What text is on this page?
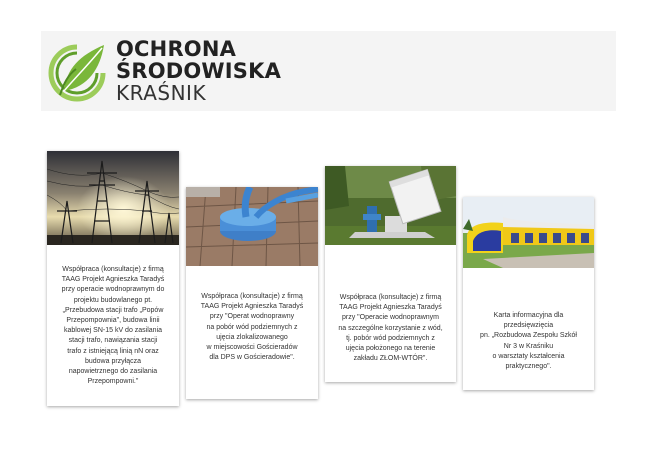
OCHRONA
ŚRODOWISKA
KRAŚNIK
Współpraca (konsultacje) z firmą
TAAG Projekt Agnieszka Taradyś
przy operacie wodnoprawnym do
projektu budowlanego pt.
„Przebudowa stacji trafo „Popów
Przepompownia", budowa linii
kablowej SN-15 kV do zasilania
stacji trafo, nawiązania stacji
trafo z istniejącą linią nN oraz
budowa przyłącza
napowietrznego do zasilania
Przepompowni."
Współpraca (konsultacje) z firmą
TAAG Projekt Agnieszka Taradyś
przy "Operat wodnoprawny
na pobór wód podziemnych z
ujęcia zlokalizowanego
w miejscowości Gościeradów
dla DPS w Gościeradowie".
Współpraca (konsultacje) z firmą
TAAG Projekt Agnieszka Taradyś
przy "Operacie wodnoprawnym
na szczególne korzystanie z wód,
tj. pobór wód podziemnych z
ujęcia położonego na terenie
zakładu ZŁOM-WTÓR".
Karta informacyjna dla
przedsięwzięcia
pn. „Rozbudowa Zespołu Szkół
Nr 3 w Kraśniku
o warsztaty kształcenia
praktycznego".
